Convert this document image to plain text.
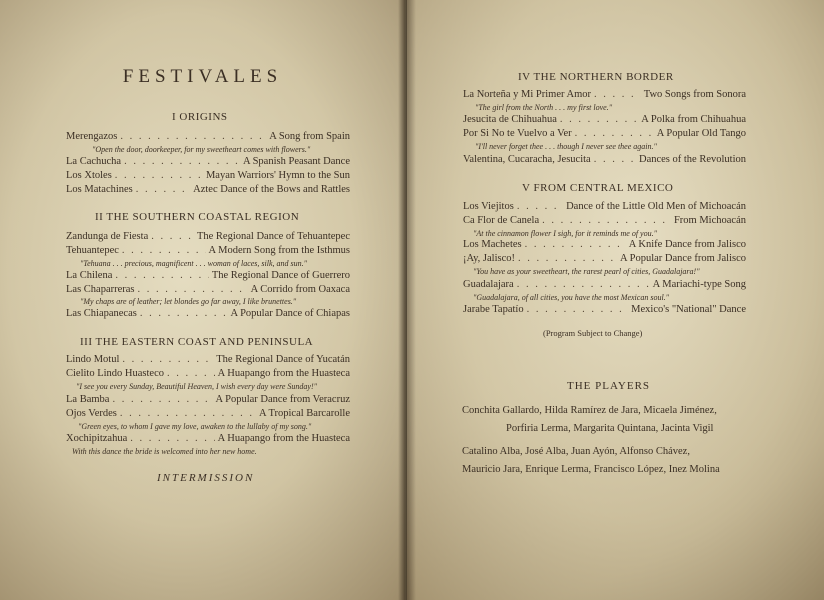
FESTIVALES
I ORIGINS
Merengazos . . .	A Song from Spain
"Open the door, doorkeeper, for my sweetheart comes with flowers."
La Cachucha . . .	A Spanish Peasant Dance
Los Xtoles . . .	Mayan Warriors' Hymn to the Sun
Los Matachines . . .	Aztec Dance of the Bows and Rattles
II THE SOUTHERN COASTAL REGION
Zandunga de Fiesta . . .	The Regional Dance of Tehuantepec
Tehuantepec . . .	A Modern Song from the Isthmus
"Tehuana . . . precious, magnificent . . . woman of laces, silk, and sun."
La Chilena . . .	The Regional Dance of Guerrero
Las Chaparreras . . .	A Corrido from Oaxaca
"My chaps are of leather; let blondes go far away, I like brunettes."
Las Chiapanecas . . .	A Popular Dance of Chiapas
III THE EASTERN COAST AND PENINSULA
Lindo Motul . . .	The Regional Dance of Yucatán
Cielito Lindo Huasteco . . .	A Huapango from the Huasteca
"I see you every Sunday, Beautiful Heaven, I wish every day were Sunday!"
La Bamba . . .	A Popular Dance from Veracruz
Ojos Verdes . . .	A Tropical Barcarolle
"Green eyes, to whom I gave my love, awaken to the lullaby of my song."
Xochipitzahua . . .	A Huapango from the Huasteca
With this dance the bride is welcomed into her new home.
INTERMISSION
IV THE NORTHERN BORDER
La Norteña y Mi Primer Amor . . .	Two Songs from Sonora
"The girl from the North . . . my first love."
Jesucita de Chihuahua . . .	A Polka from Chihuahua
Por Si No te Vuelvo a Ver . . .	A Popular Old Tango
"I'll never forget thee . . . though I never see thee again."
Valentina, Cucaracha, Jesucita . . .	Dances of the Revolution
V FROM CENTRAL MEXICO
Los Viejitos . . .	Dance of the Little Old Men of Michoacán
Ca Flor de Canela . . .	From Michoacán
"At the cinnamon flower I sigh, for it reminds me of you."
Los Machetes . . .	A Knife Dance from Jalisco
¡Ay, Jalisco! . . .	A Popular Dance from Jalisco
"You have as your sweetheart, the rarest pearl of cities, Guadalajara!"
Guadalajara . . .	A Mariachi-type Song
"Guadalajara, of all cities, you have the most Mexican soul."
Jarabe Tapatío . . .	Mexico's "National" Dance
(Program Subject to Change)
THE PLAYERS
Conchita Gallardo, Hilda Ramírez de Jara, Micaela Jiménez,
Porfiria Lerma, Margarita Quintana, Jacinta Vigil
Catalino Alba, José Alba, Juan Ayón, Alfonso Chávez,
Mauricio Jara, Enrique Lerma, Francisco López, Inez Molina
